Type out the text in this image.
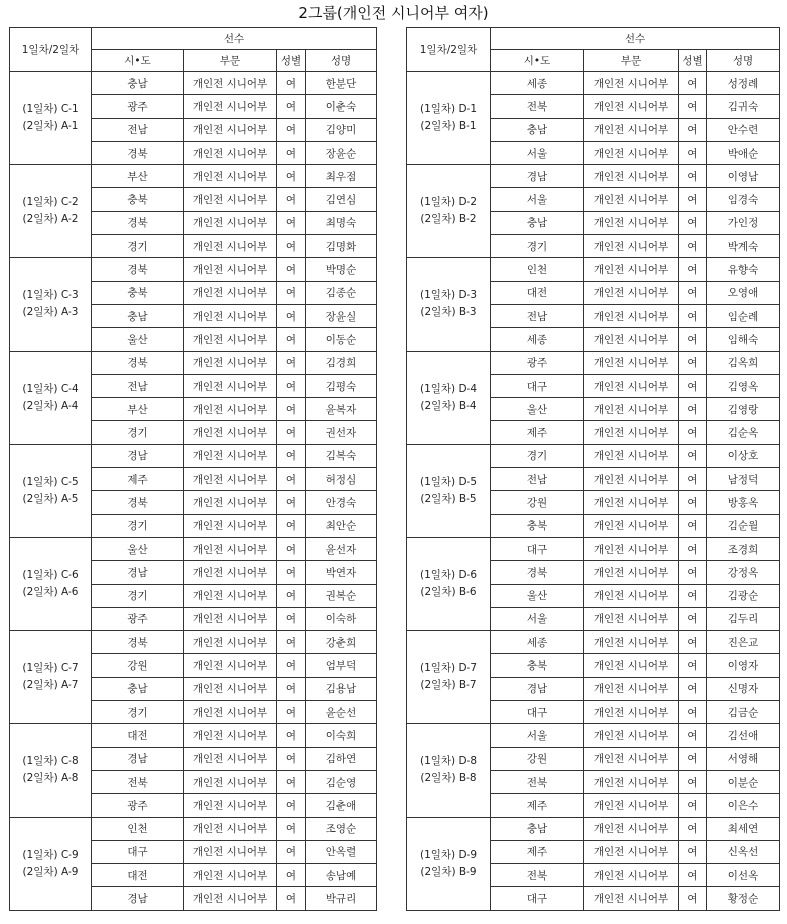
2그룹(개인전 시니어부 여자)
1일차/2일차	선수			
	시•도	부문	성별	성명

(1일차) C-1
(2일차) A-1	충남	개인전 시니어부	여	한분단
	광주	개인전 시니어부	여	이춘숙
	전남	개인전 시니어부	여	김양미
	경북	개인전 시니어부	여	장윤순

(1일차) C-2
(2일차) A-2	부산	개인전 시니어부	여	최우점
	충북	개인전 시니어부	여	김연심
	경북	개인전 시니어부	여	최명숙
	경기	개인전 시니어부	여	김명화

(1일차) C-3
(2일차) A-3	경북	개인전 시니어부	여	박명순
	충북	개인전 시니어부	여	김종순
	충남	개인전 시니어부	여	장윤실
	울산	개인전 시니어부	여	이동순

(1일차) C-4
(2일차) A-4	경북	개인전 시니어부	여	김경희
	전남	개인전 시니어부	여	김평숙
	부산	개인전 시니어부	여	윤복자
	경기	개인전 시니어부	여	권선자

(1일차) C-5
(2일차) A-5	경남	개인전 시니어부	여	김복숙
	제주	개인전 시니어부	여	허정심
	경북	개인전 시니어부	여	안경숙
	경기	개인전 시니어부	여	최안순

(1일차) C-6
(2일차) A-6	울산	개인전 시니어부	여	윤선자
	경남	개인전 시니어부	여	박연자
	경기	개인전 시니어부	여	권복순
	광주	개인전 시니어부	여	이숙하

(1일차) C-7
(2일차) A-7	경북	개인전 시니어부	여	강춘희
	강원	개인전 시니어부	여	엄부덕
	충남	개인전 시니어부	여	김용남
	경기	개인전 시니어부	여	윤순선

(1일차) C-8
(2일차) A-8	대전	개인전 시니어부	여	이숙희
	경남	개인전 시니어부	여	김하연
	전북	개인전 시니어부	여	김순영
	광주	개인전 시니어부	여	김춘애

(1일차) C-9
(2일차) A-9	인천	개인전 시니어부	여	조영순
	대구	개인전 시니어부	여	안옥렬
	대전	개인전 시니어부	여	송남예
	경남	개인전 시니어부	여	박규리
1일차/2일차	선수			
	시•도	부문	성별	성명

(1일차) D-1
(2일차) B-1	세종	개인전 시니어부	여	성정례
	전북	개인전 시니어부	여	김귀숙
	충남	개인전 시니어부	여	안수련
	서울	개인전 시니어부	여	박애순

(1일차) D-2
(2일차) B-2	경남	개인전 시니어부	여	이영남
	서울	개인전 시니어부	여	임경숙
	충남	개인전 시니어부	여	가인정
	경기	개인전 시니어부	여	박계숙

(1일차) D-3
(2일차) B-3	인천	개인전 시니어부	여	유향숙
	대전	개인전 시니어부	여	오영애
	전남	개인전 시니어부	여	임순례
	세종	개인전 시니어부	여	임해숙

(1일차) D-4
(2일차) B-4	광주	개인전 시니어부	여	김옥희
	대구	개인전 시니어부	여	김영옥
	울산	개인전 시니어부	여	김영랑
	제주	개인전 시니어부	여	김순옥

(1일차) D-5
(2일차) B-5	경기	개인전 시니어부	여	이상호
	전남	개인전 시니어부	여	남정덕
	강원	개인전 시니어부	여	방홍옥
	충북	개인전 시니어부	여	김순월

(1일차) D-6
(2일차) B-6	대구	개인전 시니어부	여	조경희
	경북	개인전 시니어부	여	강정옥
	울산	개인전 시니어부	여	김광순
	서울	개인전 시니어부	여	김두리

(1일차) D-7
(2일차) B-7	세종	개인전 시니어부	여	진은교
	충북	개인전 시니어부	여	이영자
	경남	개인전 시니어부	여	신명자
	대구	개인전 시니어부	여	김금순

(1일차) D-8
(2일차) B-8	서울	개인전 시니어부	여	김선애
	강원	개인전 시니어부	여	서영해
	전북	개인전 시니어부	여	이분순
	제주	개인전 시니어부	여	이은수

(1일차) D-9
(2일차) B-9	충남	개인전 시니어부	여	최세연
	제주	개인전 시니어부	여	신옥선
	전북	개인전 시니어부	여	이선옥
	대구	개인전 시니어부	여	황정순
